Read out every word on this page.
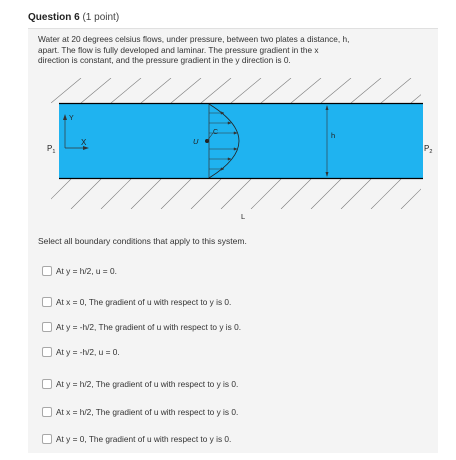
Question 6 (1 point)
Water at 20 degrees celsius flows, under pressure, between two plates a distance, h,
apart. The flow is fully developed and laminar. The pressure gradient in the x
direction is constant, and the pressure gradient in the y direction is 0.
Y
X
$P_1$	$P_2$
U
C	h
L
Select all boundary conditions that apply to this system.
At y = h/2, u = 0.
At x = 0, The gradient of u with respect to y is 0.
At y = -h/2, The gradient of u with respect to y is 0.
At y = -h/2, u = 0.
At y = h/2, The gradient of u with respect to y is 0.
At x = h/2, The gradient of u with respect to y is 0.
At y = 0, The gradient of u with respect to y is 0.
